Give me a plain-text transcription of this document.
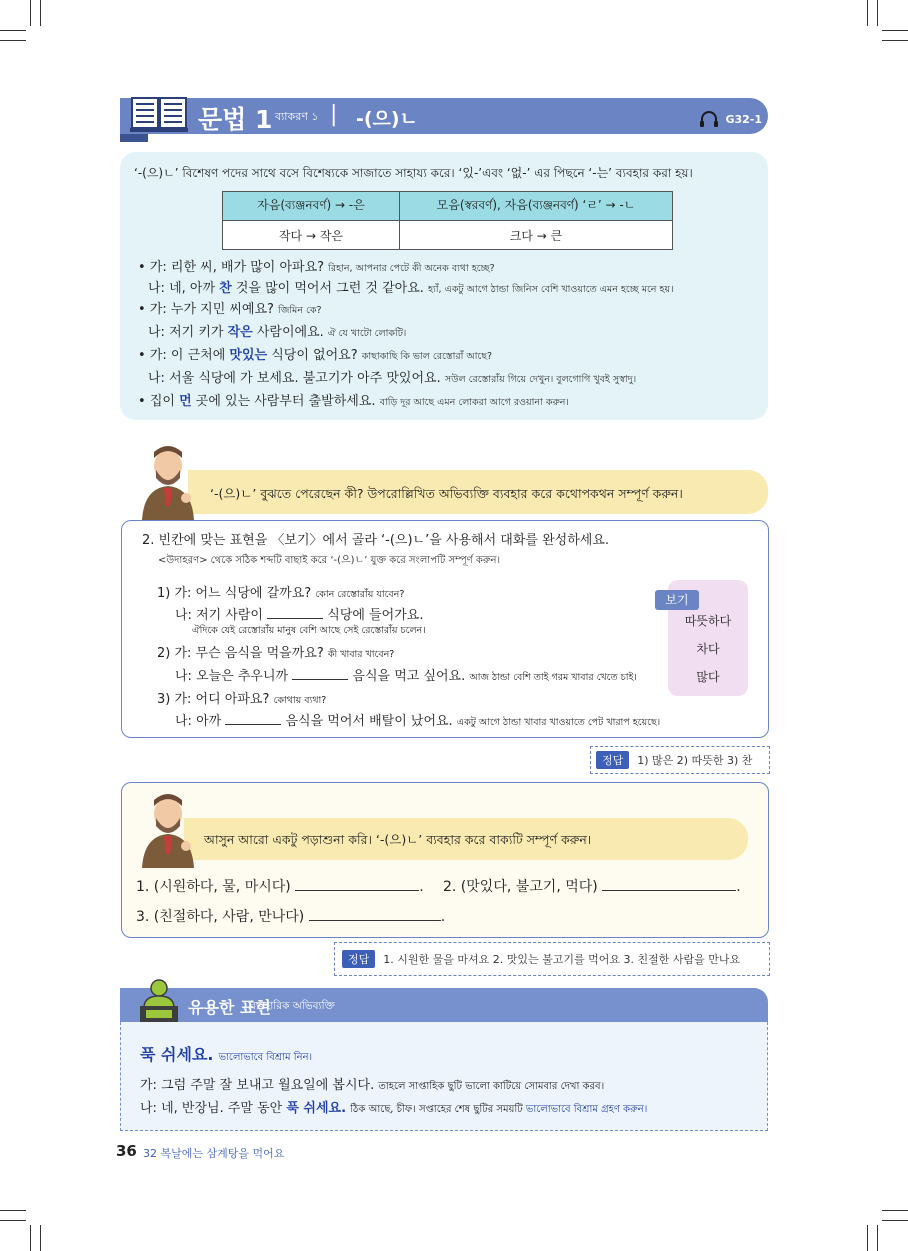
문법 1 ব্যাকরণ ১ | -(으)ㄴ	G32-1
‘-(으)ㄴ’ বিশেষণ পদের সাথে বসে বিশেষ্যকে সাজাতে সাহায্য করে। ‘있-’এবং ‘없-’ এর পিছনে ‘-는’ ব্যবহার করা হয়।
자음(ব্যঞ্জনবর্ণ) → -은	모음(স্বরবর্ণ), 자음(ব্যঞ্জনবর্ণ) ‘ㄹ’ → -ㄴ
작다 → 작은	크다 → 큰
• 가: 리한 씨, 배가 많이 아파요? রিহান, আপনার পেটে কী অনেক ব্যথা হচ্ছে?
나: 네, 아까 찬 것을 많이 먹어서 그런 것 같아요. হ্যাঁ, একটু আগে ঠান্ডা জিনিস বেশি খাওয়াতে এমন হচ্ছে মনে হয়।
• 가: 누가 지민 씨예요? জিমিন কে?
나: 저기 키가 작은 사람이에요. ঐ যে খাটো লোকটি।
• 가: 이 근처에 맛있는 식당이 없어요? কাছাকাছি কি ভাল রেস্তোরাঁ আছে?
나: 서울 식당에 가 보세요. 불고기가 아주 맛있어요. সউল রেস্তোরাঁয় গিয়ে দেখুন। বুলগোগি খুবই সুস্বাদু।
• 집이 먼 곳에 있는 사람부터 출발하세요. বাড়ি দূর আছে এমন লোকরা আগে রওয়ানা করুন।
‘-(으)ㄴ’ বুঝতে পেরেছেন কী? উপরোল্লিখিত অভিব্যক্তি ব্যবহার করে কথোপকথন সম্পূর্ণ করুন।
2. 빈칸에 맞는 표현을 〈보기〉에서 골라 ‘-(으)ㄴ’을 사용해서 대화를 완성하세요.
<উদাহরণ> থেকে সঠিক শব্দটি বাছাই করে ‘-(으)ㄴ’ যুক্ত করে সংলাপটি সম্পূর্ণ করুন।
1) 가: 어느 식당에 갈까요? কোন রেস্তোরাঁয় যাবেন?
나: 저기 사람이	식당에 들어가요.
ঐদিকে যেই রেস্তোরাঁয় মানুষ বেশি আছে সেই রেস্তোরাঁয় চলেন।
2) 가: 무슨 음식을 먹을까요? কী খাবার খাবেন?
나: 오늘은 추우니까	음식을 먹고 싶어요. আজ ঠান্ডা বেশি তাই গরম খাবার খেতে চাই।
3) 가: 어디 아파요? কোথায় ব্যথা?
나: 아까	음식을 먹어서 배탈이 났어요. একটু আগে ঠান্ডা খাবার খাওয়াতে পেট খারাপ হয়েছে।
보기
따뜻하다
차다
많다
정답	1) 많은 2) 따뜻한 3) 찬
আসুন আরো একটু পড়াশুনা করি। ‘-(으)ㄴ’ ব্যবহার করে বাক্যটি সম্পূর্ণ করুন।
1. (시원하다, 물, 마시다)	. 2. (맛있다, 불고기, 먹다)	.
3. (친절하다, 사람, 만나다)	.
정답	1. 시원한 물을 마셔요 2. 맛있는 불고기를 먹어요 3. 친절한 사람을 만나요
유용한 표현
ব্যবহারিক অভিব্যক্তি
푹 쉬세요. ভালোভাবে বিশ্রাম নিন।
가: 그럼 주말 잘 보내고 월요일에 봅시다. তাহলে সাপ্তাহিক ছুটি ভালো কাটিয়ে সোমবার দেখা করব।
나: 네, 반장님. 주말 동안 푹 쉬세요. ঠিক আছে, চীফ। সপ্তাহের শেষ ছুটির সময়টি ভালোভাবে বিশ্রাম গ্রহণ করুন।
36 32 복날에는 삼계탕을 먹어요
